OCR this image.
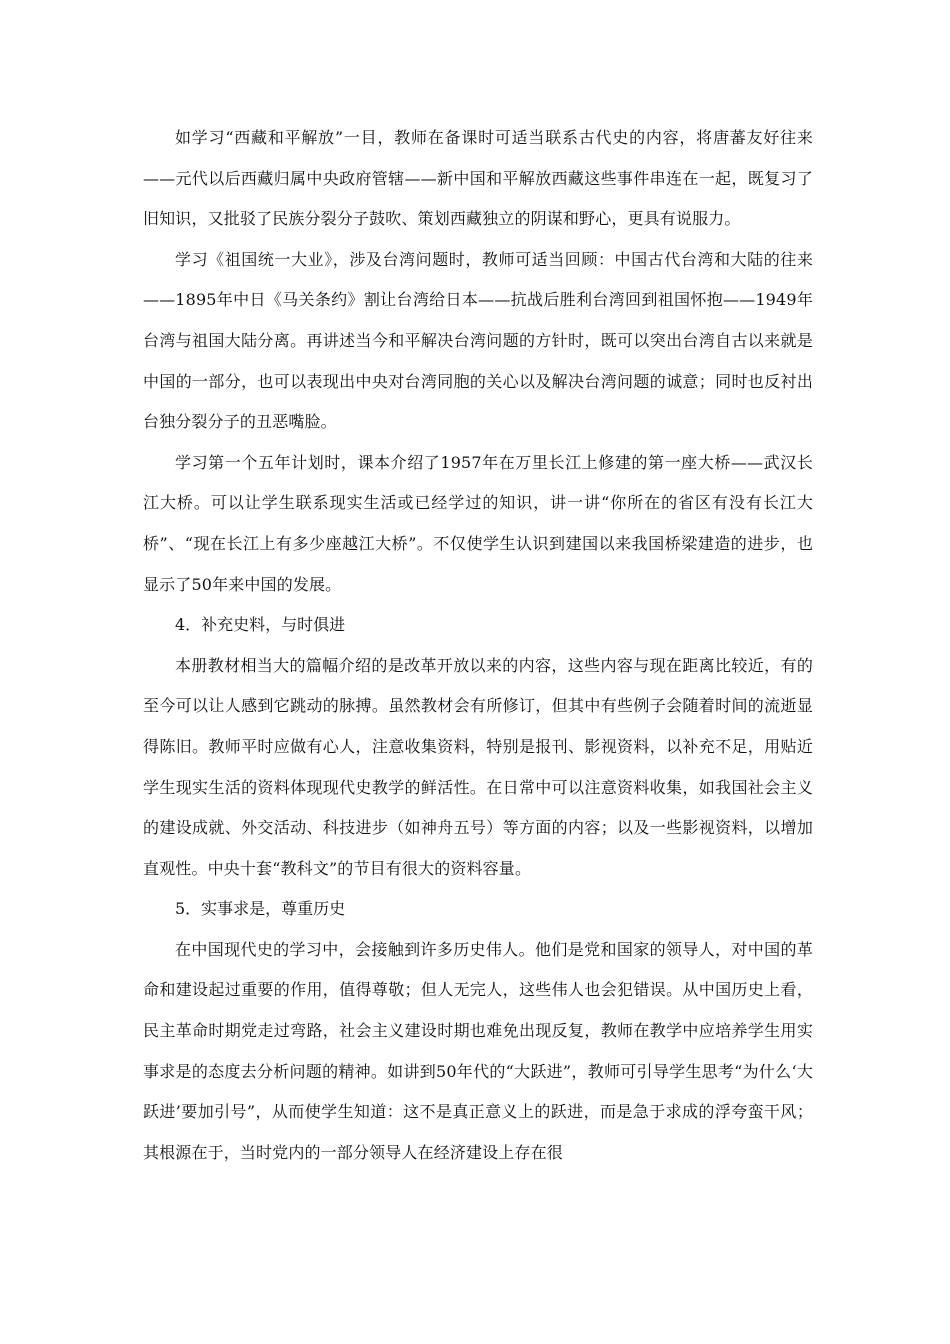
如学习“西藏和平解放”一目，教师在备课时可适当联系古代史的内容，将唐蕃友好往来——元代以后西藏归属中央政府管辖——新中国和平解放西藏这些事件串连在一起，既复习了旧知识，又批驳了民族分裂分子鼓吹、策划西藏独立的阴谋和野心，更具有说服力。

学习《祖国统一大业》，涉及台湾问题时，教师可适当回顾：中国古代台湾和大陆的往来——1895年中日《马关条约》割让台湾给日本——抗战后胜利台湾回到祖国怀抱——1949年台湾与祖国大陆分离。再讲述当今和平解决台湾问题的方针时，既可以突出台湾自古以来就是中国的一部分，也可以表现出中央对台湾同胞的关心以及解决台湾问题的诚意；同时也反衬出台独分裂分子的丑恶嘴脸。

学习第一个五年计划时，课本介绍了1957年在万里长江上修建的第一座大桥——武汉长江大桥。可以让学生联系现实生活或已经学过的知识，讲一讲“你所在的省区有没有长江大桥”、“现在长江上有多少座越江大桥”。不仅使学生认识到建国以来我国桥梁建造的进步，也显示了50年来中国的发展。

4．补充史料，与时俱进

本册教材相当大的篇幅介绍的是改革开放以来的内容，这些内容与现在距离比较近，有的至今可以让人感到它跳动的脉搏。虽然教材会有所修订，但其中有些例子会随着时间的流逝显得陈旧。教师平时应做有心人，注意收集资料，特别是报刊、影视资料，以补充不足，用贴近学生现实生活的资料体现现代史教学的鲜活性。在日常中可以注意资料收集，如我国社会主义的建设成就、外交活动、科技进步（如神舟五号）等方面的内容；以及一些影视资料，以增加直观性。中央十套“教科文”的节目有很大的资料容量。

5．实事求是，尊重历史

在中国现代史的学习中，会接触到许多历史伟人。他们是党和国家的领导人，对中国的革命和建设起过重要的作用，值得尊敬；但人无完人，这些伟人也会犯错误。从中国历史上看，民主革命时期党走过弯路，社会主义建设时期也难免出现反复，教师在教学中应培养学生用实事求是的态度去分析问题的精神。如讲到50年代的“大跃进”，教师可引导学生思考“为什么‘大跃进’要加引号”，从而使学生知道：这不是真正意义上的跃进，而是急于求成的浮夸蛮干风；其根源在于，当时党内的一部分领导人在经济建设上存在很
